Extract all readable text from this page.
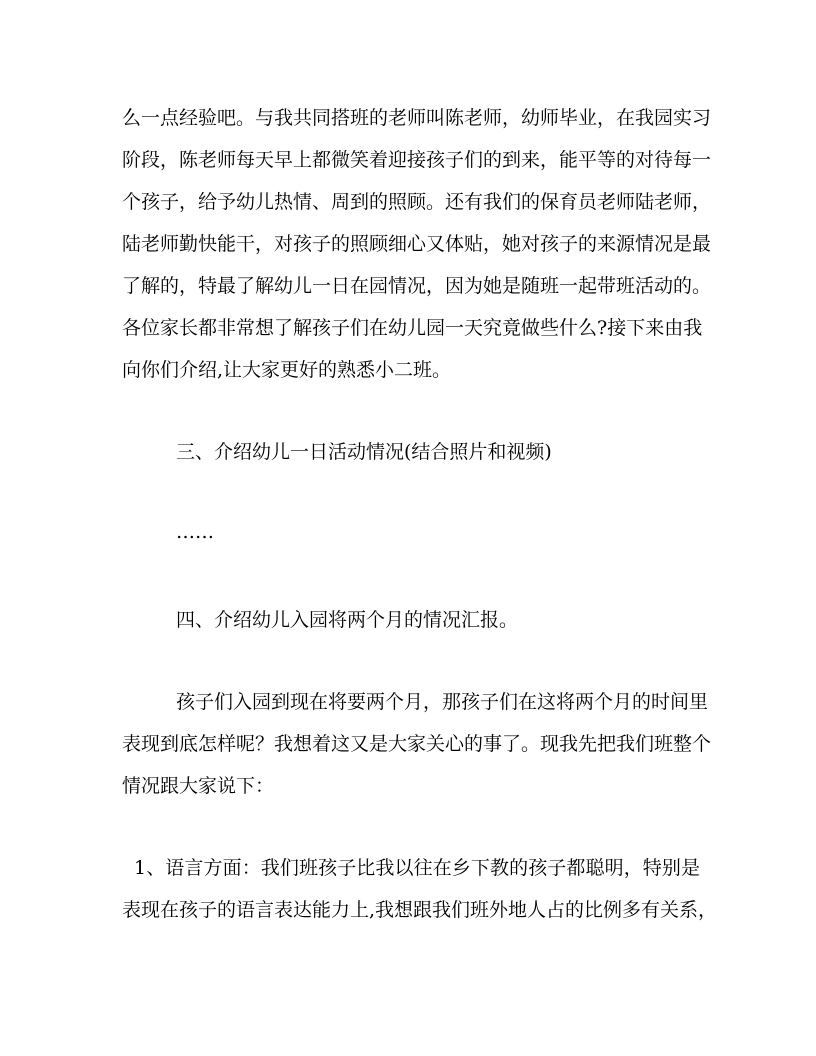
么一点经验吧。与我共同搭班的老师叫陈老师，幼师毕业，在我园实习
阶段，陈老师每天早上都微笑着迎接孩子们的到来，能平等的对待每一
个孩子，给予幼儿热情、周到的照顾。还有我们的保育员老师陆老师，
陆老师勤快能干，对孩子的照顾细心又体贴，她对孩子的来源情况是最
了解的，特最了解幼儿一日在园情况，因为她是随班一起带班活动的。
各位家长都非常想了解孩子们在幼儿园一天究竟做些什么?接下来由我
向你们介绍,让大家更好的熟悉小二班。
三、介绍幼儿一日活动情况(结合照片和视频)
……
四、介绍幼儿入园将两个月的情况汇报。
孩子们入园到现在将要两个月，那孩子们在这将两个月的时间里
表现到底怎样呢？我想着这又是大家关心的事了。现我先把我们班整个
情况跟大家说下：
1、语言方面：我们班孩子比我以往在乡下教的孩子都聪明，特别是
表现在孩子的语言表达能力上,我想跟我们班外地人占的比例多有关系，
